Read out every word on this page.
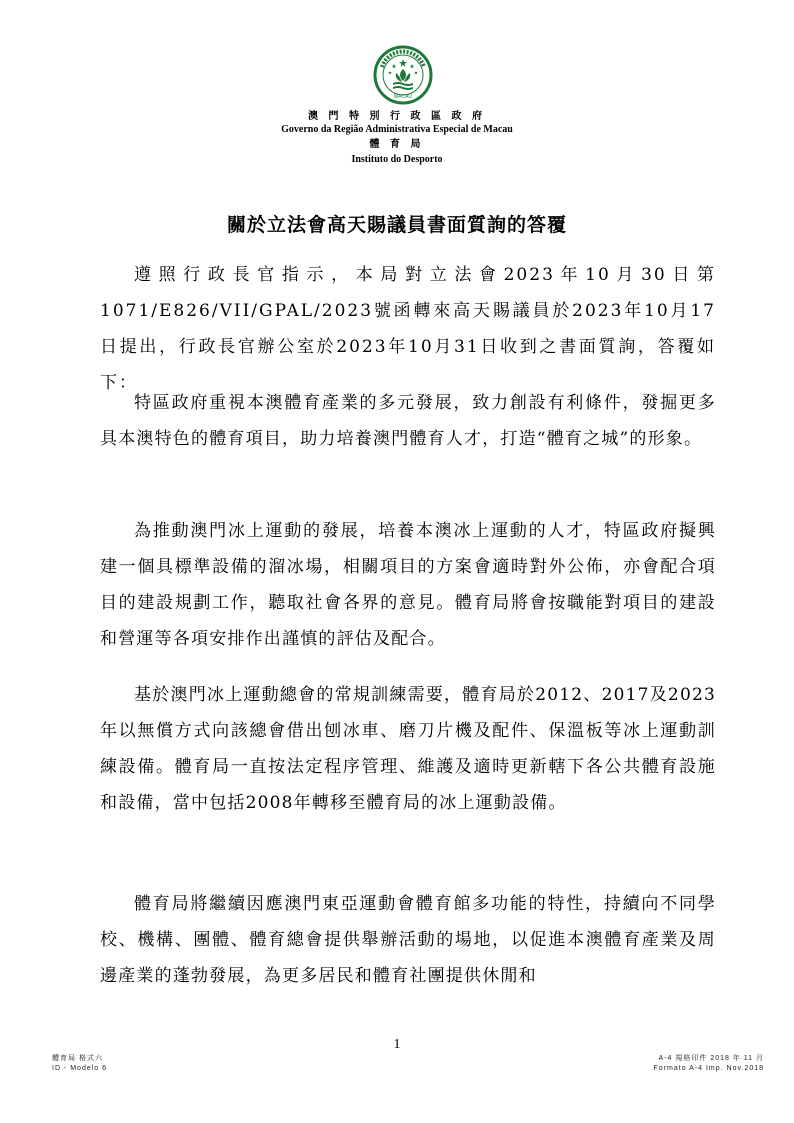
MACAU
澳 門 特 別 行 政 區 政 府
Governo da Região Administrativa Especial de Macau
體 育 局
Instituto do Desporto
關於立法會高天賜議員書面質詢的答覆

遵照行政長官指示，本局對立法會2023年10月30日第1071/E826/VII/GPAL/2023號函轉來高天賜議員於2023年10月17日提出，行政長官辦公室於2023年10月31日收到之書面質詢，答覆如下：

特區政府重視本澳體育產業的多元發展，致力創設有利條件，發掘更多具本澳特色的體育項目，助力培養澳門體育人才，打造“體育之城”的形象。

為推動澳門冰上運動的發展，培養本澳冰上運動的人才，特區政府擬興建一個具標準設備的溜冰場，相關項目的方案會適時對外公佈，亦會配合項目的建設規劃工作，聽取社會各界的意見。體育局將會按職能對項目的建設和營運等各項安排作出謹慎的評估及配合。

基於澳門冰上運動總會的常規訓練需要，體育局於2012、2017及2023年以無償方式向該總會借出刨冰車、磨刀片機及配件、保溫板等冰上運動訓練設備。體育局一直按法定程序管理、維護及適時更新轄下各公共體育設施和設備，當中包括2008年轉移至體育局的冰上運動設備。

體育局將繼續因應澳門東亞運動會體育館多功能的特性，持續向不同學校、機構、團體、體育總會提供舉辦活動的場地，以促進本澳體育產業及周邊產業的蓬勃發展，為更多居民和體育社團提供休閒和

1
體育局 格式六
ID - Modelo 6
A-4 規格印件 2018 年 11 月
Formato A-4 Imp. Nov.2018
